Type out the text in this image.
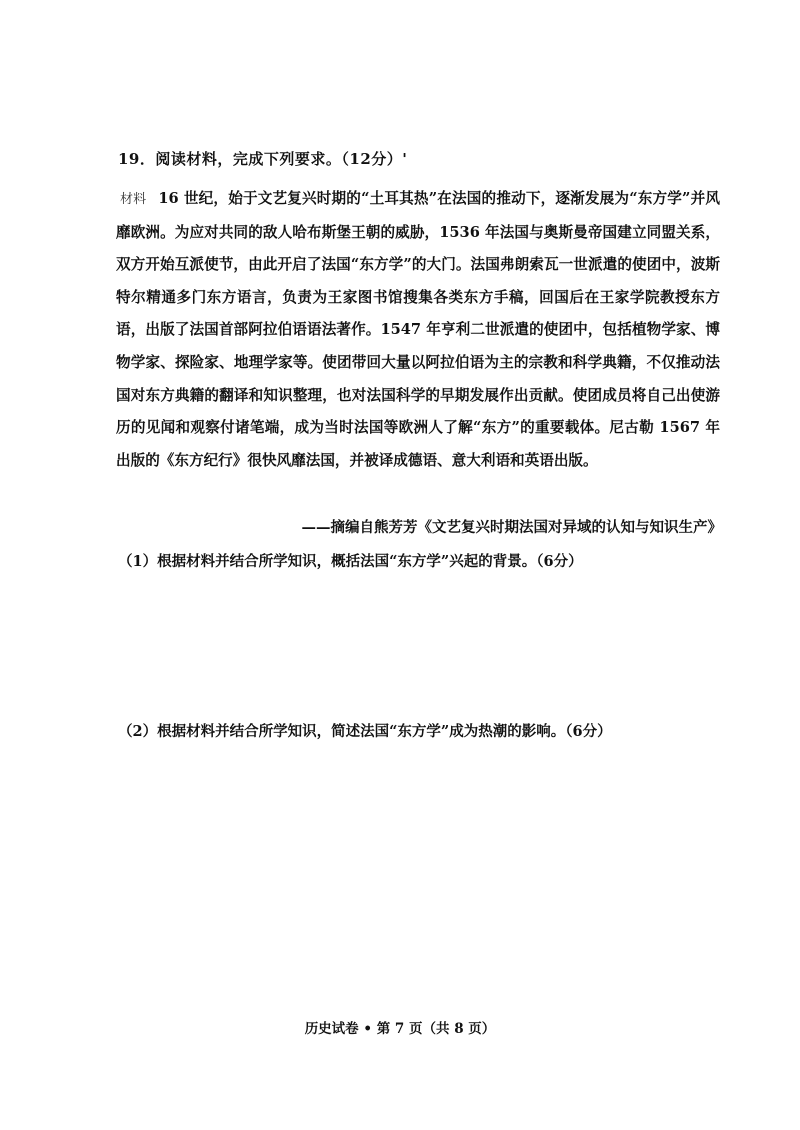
19．阅读材料，完成下列要求。（12分）'
材料 16 世纪，始于文艺复兴时期的“土耳其热”在法国的推动下，逐渐发展为“东方学”并风靡欧洲。为应对共同的敌人哈布斯堡王朝的威胁，1536 年法国与奥斯曼帝国建立同盟关系，双方开始互派使节，由此开启了法国“东方学”的大门。法国弗朗索瓦一世派遣的使团中，波斯特尔精通多门东方语言，负责为王家图书馆搜集各类东方手稿，回国后在王家学院教授东方语，出版了法国首部阿拉伯语语法著作。1547 年亨利二世派遣的使团中，包括植物学家、博物学家、探险家、地理学家等。使团带回大量以阿拉伯语为主的宗教和科学典籍，不仅推动法国对东方典籍的翻译和知识整理，也对法国科学的早期发展作出贡献。使团成员将自己出使游历的见闻和观察付诸笔端，成为当时法国等欧洲人了解“东方”的重要载体。尼古勒 1567 年出版的《东方纪行》很快风靡法国，并被译成德语、意大利语和英语出版。
——摘编自熊芳芳《文艺复兴时期法国对异域的认知与知识生产》
（1）根据材料并结合所学知识，概括法国“东方学”兴起的背景。（6分）
（2）根据材料并结合所学知识，简述法国“东方学”成为热潮的影响。（6分）
历史试卷 • 第 7 页（共 8 页）
